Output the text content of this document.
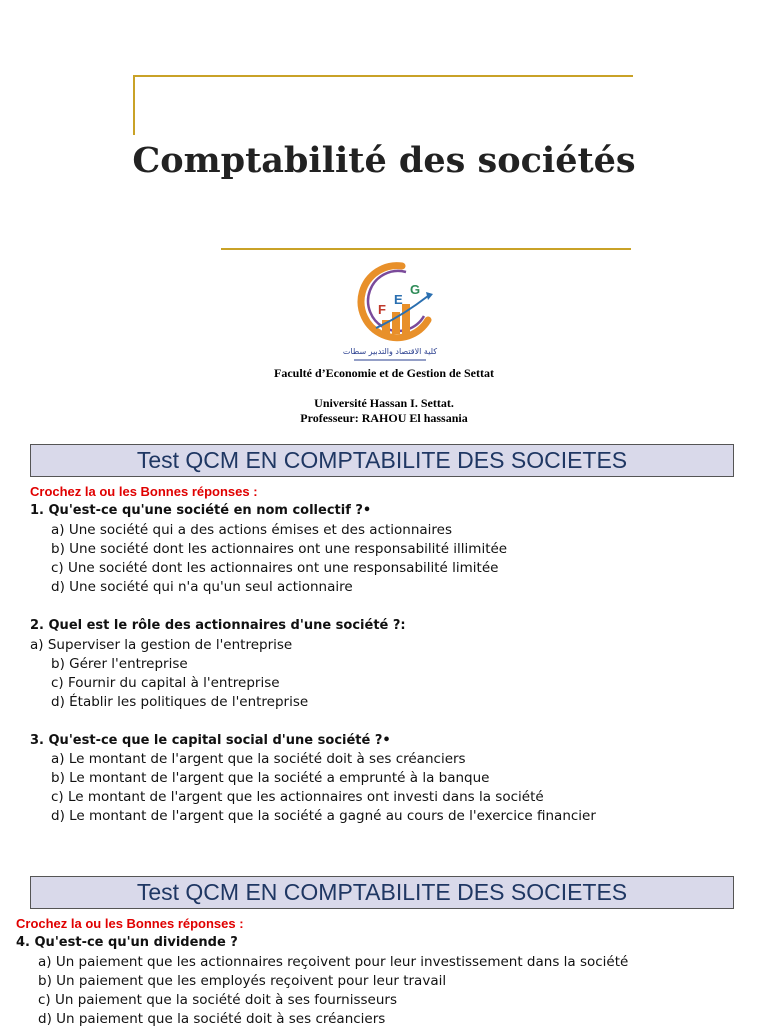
Comptabilité des sociétés
F
E
G
كلية الاقتصاد والتدبير سطات
Faculté d’Economie et de Gestion de Settat
Université Hassan I. Settat.
Professeur: RAHOU El hassania
Test QCM EN COMPTABILITE DES SOCIETES
Crochez la ou les Bonnes réponses :
1. Qu'est-ce qu'une société en nom collectif ?•
a) Une société qui a des actions émises et des actionnaires
b) Une société dont les actionnaires ont une responsabilité illimitée
c) Une société dont les actionnaires ont une responsabilité limitée
d) Une société qui n'a qu'un seul actionnaire
2. Quel est le rôle des actionnaires d'une société ?:
a) Superviser la gestion de l'entreprise
b) Gérer l'entreprise
c) Fournir du capital à l'entreprise
d) Établir les politiques de l'entreprise
3. Qu'est-ce que le capital social d'une société ?•
a) Le montant de l'argent que la société doit à ses créanciers
b) Le montant de l'argent que la société a emprunté à la banque
c) Le montant de l'argent que les actionnaires ont investi dans la société
d) Le montant de l'argent que la société a gagné au cours de l'exercice financier
Test QCM EN COMPTABILITE DES SOCIETES
Crochez la ou les Bonnes réponses :
4. Qu'est-ce qu'un dividende ?
a) Un paiement que les actionnaires reçoivent pour leur investissement dans la société
b) Un paiement que les employés reçoivent pour leur travail
c) Un paiement que la société doit à ses fournisseurs
d) Un paiement que la société doit à ses créanciers
